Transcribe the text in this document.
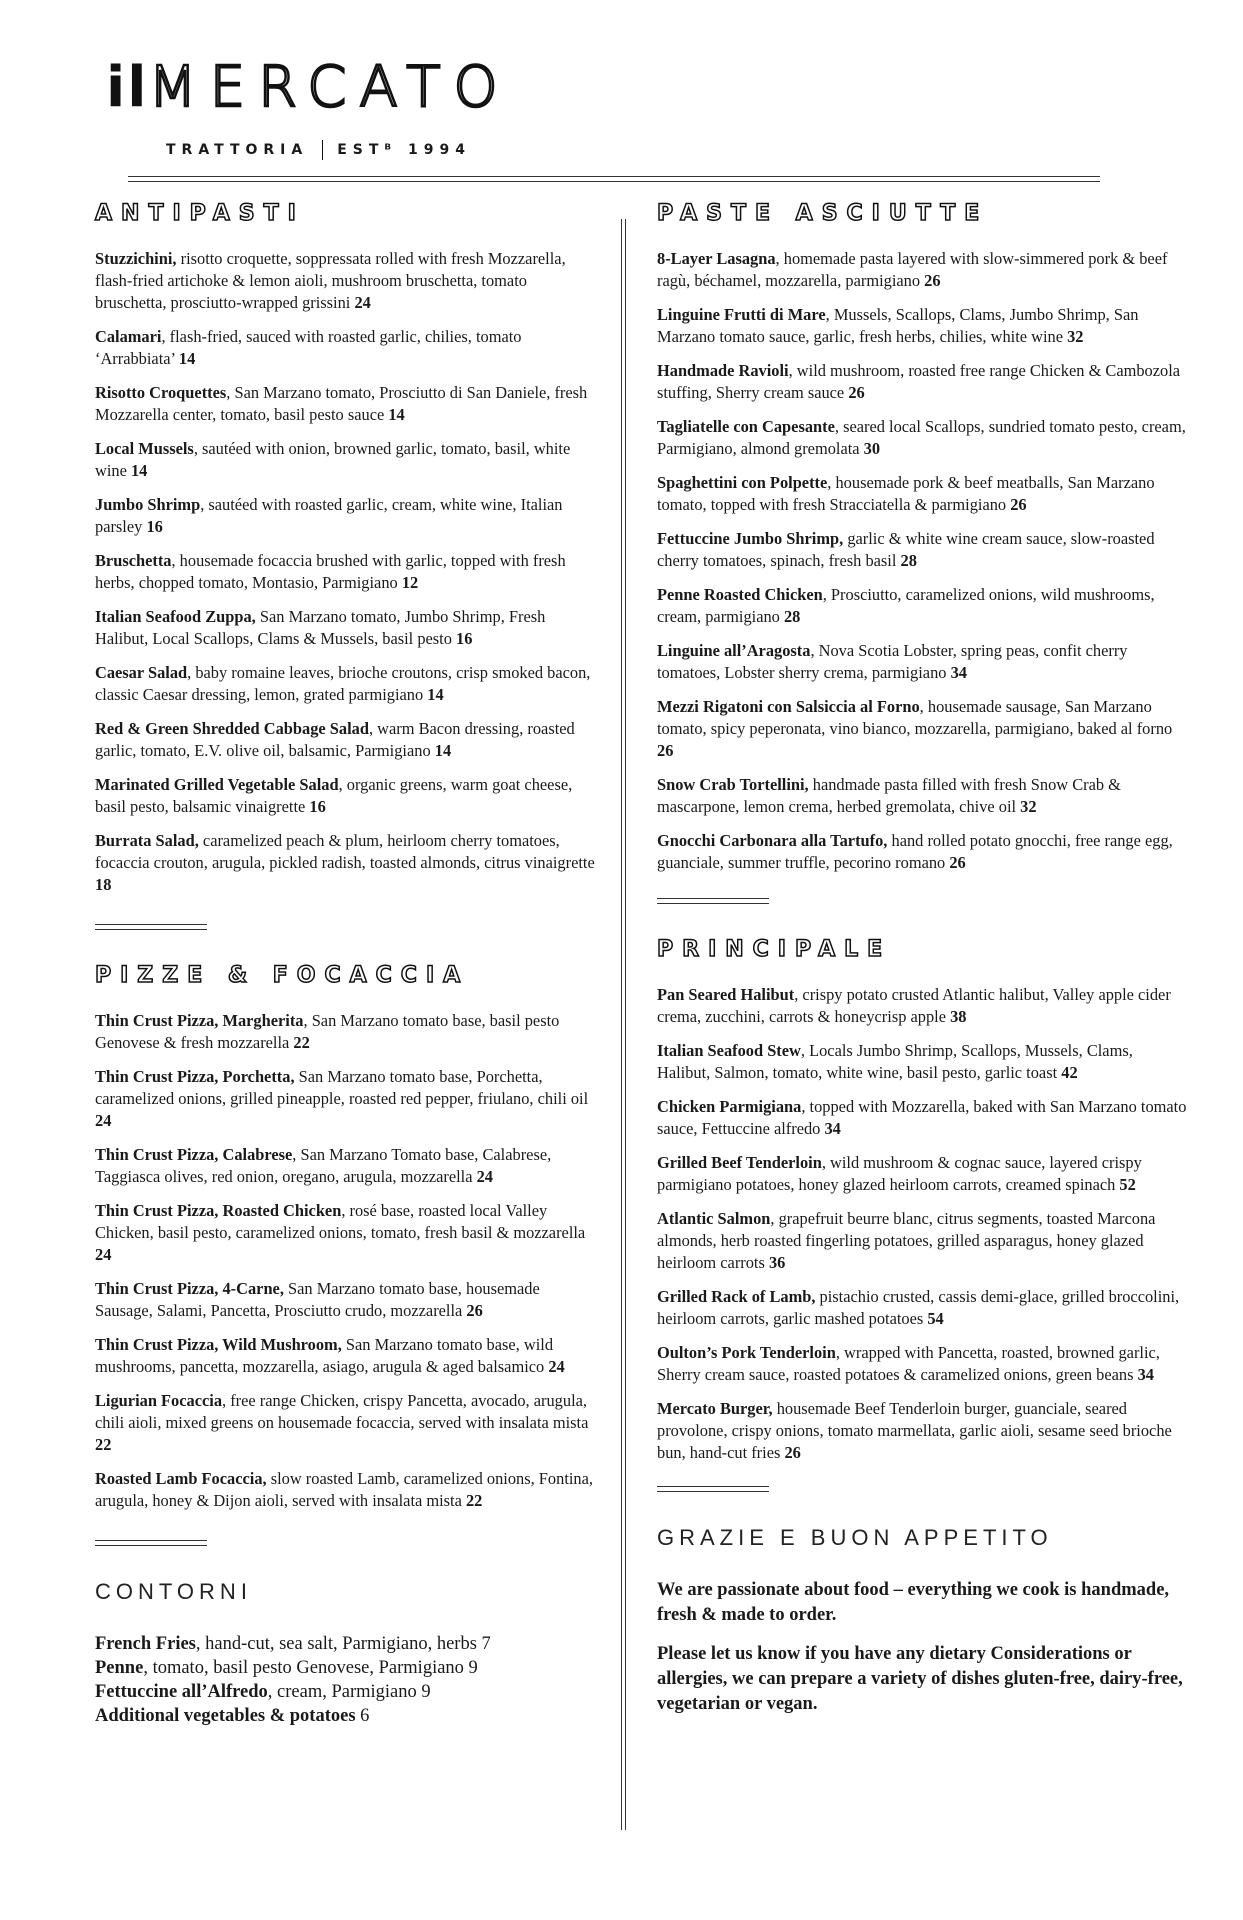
ilMERCATO
TRATTORIA ESTᴮ 1994
ANTIPASTI
Stuzzichini, risotto croquette, soppressata rolled with fresh Mozzarella, flash-fried artichoke & lemon aioli, mushroom bruschetta, tomato bruschetta, prosciutto-wrapped grissini 24
Calamari, flash-fried, sauced with roasted garlic, chilies, tomato ‘Arrabbiata’ 14
Risotto Croquettes, San Marzano tomato, Prosciutto di San Daniele, fresh Mozzarella center, tomato, basil pesto sauce 14
Local Mussels, sautéed with onion, browned garlic, tomato, basil, white wine 14
Jumbo Shrimp, sautéed with roasted garlic, cream, white wine, Italian parsley 16
Bruschetta, housemade focaccia brushed with garlic, topped with fresh herbs, chopped tomato, Montasio, Parmigiano 12
Italian Seafood Zuppa, San Marzano tomato, Jumbo Shrimp, Fresh Halibut, Local Scallops, Clams & Mussels, basil pesto 16
Caesar Salad, baby romaine leaves, brioche croutons, crisp smoked bacon, classic Caesar dressing, lemon, grated parmigiano 14
Red & Green Shredded Cabbage Salad, warm Bacon dressing, roasted garlic, tomato, E.V. olive oil, balsamic, Parmigiano 14
Marinated Grilled Vegetable Salad, organic greens, warm goat cheese, basil pesto, balsamic vinaigrette 16
Burrata Salad, caramelized peach & plum, heirloom cherry tomatoes, focaccia crouton, arugula, pickled radish, toasted almonds, citrus vinaigrette 18
PIZZE & FOCACCIA
Thin Crust Pizza, Margherita, San Marzano tomato base, basil pesto Genovese & fresh mozzarella 22
Thin Crust Pizza, Porchetta, San Marzano tomato base, Porchetta, caramelized onions, grilled pineapple, roasted red pepper, friulano, chili oil 24
Thin Crust Pizza, Calabrese, San Marzano Tomato base, Calabrese, Taggiasca olives, red onion, oregano, arugula, mozzarella 24
Thin Crust Pizza, Roasted Chicken, rosé base, roasted local Valley Chicken, basil pesto, caramelized onions, tomato, fresh basil & mozzarella 24
Thin Crust Pizza, 4-Carne, San Marzano tomato base, housemade Sausage, Salami, Pancetta, Prosciutto crudo, mozzarella 26
Thin Crust Pizza, Wild Mushroom, San Marzano tomato base, wild mushrooms, pancetta, mozzarella, asiago, arugula & aged balsamico 24
Ligurian Focaccia, free range Chicken, crispy Pancetta, avocado, arugula, chili aioli, mixed greens on housemade focaccia, served with insalata mista 22
Roasted Lamb Focaccia, slow roasted Lamb, caramelized onions, Fontina, arugula, honey & Dijon aioli, served with insalata mista 22
CONTORNI
French Fries, hand-cut, sea salt, Parmigiano, herbs 7
Penne, tomato, basil pesto Genovese, Parmigiano 9
Fettuccine all’Alfredo, cream, Parmigiano 9
Additional vegetables & potatoes 6
PASTE ASCIUTTE
8-Layer Lasagna, homemade pasta layered with slow-simmered pork & beef ragù, béchamel, mozzarella, parmigiano 26
Linguine Frutti di Mare, Mussels, Scallops, Clams, Jumbo Shrimp, San Marzano tomato sauce, garlic, fresh herbs, chilies, white wine 32
Handmade Ravioli, wild mushroom, roasted free range Chicken & Cambozola stuffing, Sherry cream sauce 26
Tagliatelle con Capesante, seared local Scallops, sundried tomato pesto, cream, Parmigiano, almond gremolata 30
Spaghettini con Polpette, housemade pork & beef meatballs, San Marzano tomato, topped with fresh Stracciatella & parmigiano 26
Fettuccine Jumbo Shrimp, garlic & white wine cream sauce, slow-roasted cherry tomatoes, spinach, fresh basil 28
Penne Roasted Chicken, Prosciutto, caramelized onions, wild mushrooms, cream, parmigiano 28
Linguine all’Aragosta, Nova Scotia Lobster, spring peas, confit cherry tomatoes, Lobster sherry crema, parmigiano 34
Mezzi Rigatoni con Salsiccia al Forno, housemade sausage, San Marzano tomato, spicy peperonata, vino bianco, mozzarella, parmigiano, baked al forno 26
Snow Crab Tortellini, handmade pasta filled with fresh Snow Crab & mascarpone, lemon crema, herbed gremolata, chive oil 32
Gnocchi Carbonara alla Tartufo, hand rolled potato gnocchi, free range egg, guanciale, summer truffle, pecorino romano 26
PRINCIPALE
Pan Seared Halibut, crispy potato crusted Atlantic halibut, Valley apple cider crema, zucchini, carrots & honeycrisp apple 38
Italian Seafood Stew, Locals Jumbo Shrimp, Scallops, Mussels, Clams, Halibut, Salmon, tomato, white wine, basil pesto, garlic toast 42
Chicken Parmigiana, topped with Mozzarella, baked with San Marzano tomato sauce, Fettuccine alfredo 34
Grilled Beef Tenderloin, wild mushroom & cognac sauce, layered crispy parmigiano potatoes, honey glazed heirloom carrots, creamed spinach 52
Atlantic Salmon, grapefruit beurre blanc, citrus segments, toasted Marcona almonds, herb roasted fingerling potatoes, grilled asparagus, honey glazed heirloom carrots 36
Grilled Rack of Lamb, pistachio crusted, cassis demi-glace, grilled broccolini, heirloom carrots, garlic mashed potatoes 54
Oulton’s Pork Tenderloin, wrapped with Pancetta, roasted, browned garlic, Sherry cream sauce, roasted potatoes & caramelized onions, green beans 34
Mercato Burger, housemade Beef Tenderloin burger, guanciale, seared provolone, crispy onions, tomato marmellata, garlic aioli, sesame seed brioche bun, hand-cut fries 26
GRAZIE E BUON APPETITO

We are passionate about food – everything we cook is handmade, fresh & made to order.

Please let us know if you have any dietary Considerations or allergies, we can prepare a variety of dishes gluten-free, dairy-free, vegetarian or vegan.
